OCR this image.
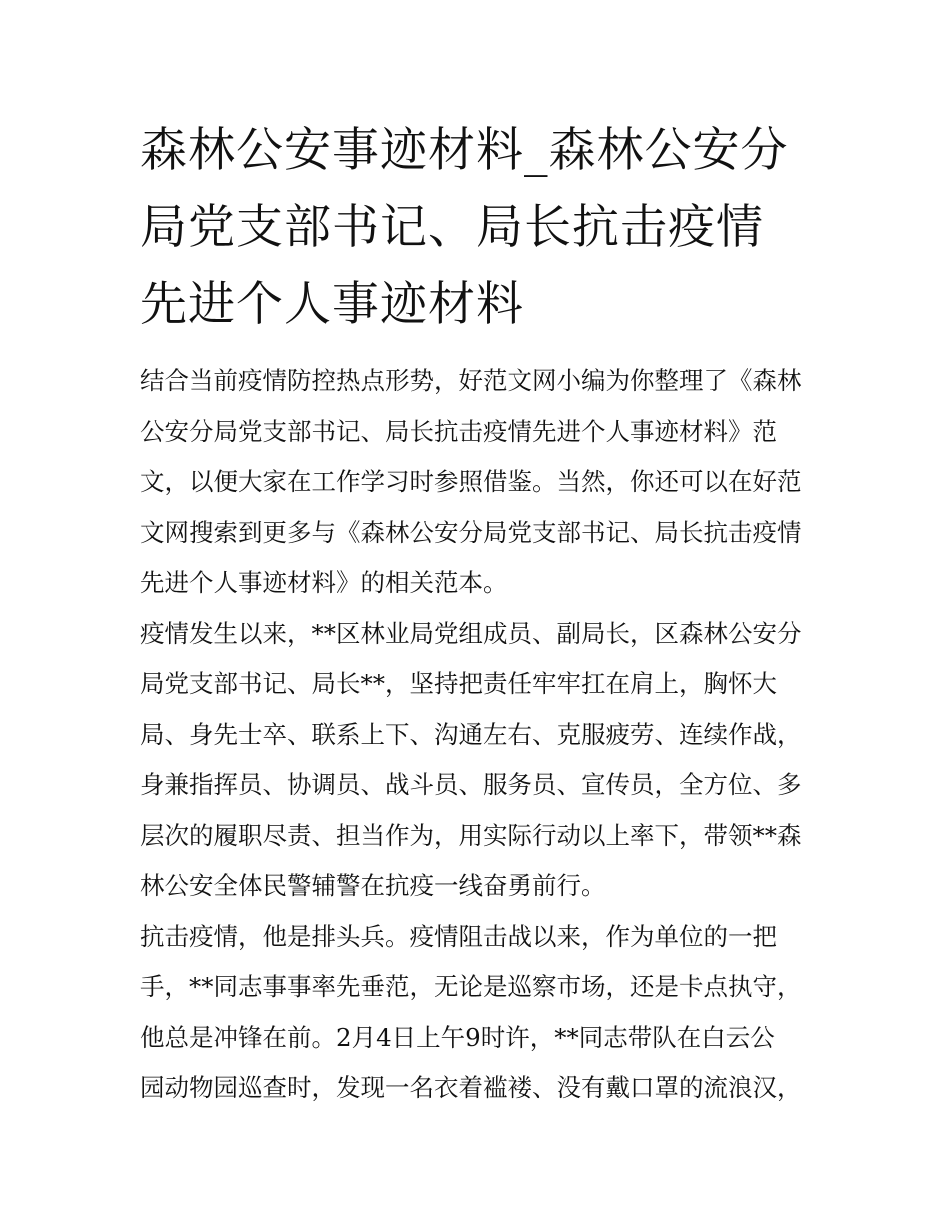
森林公安事迹材料_森林公安分
局党支部书记、局长抗击疫情
先进个人事迹材料

结合当前疫情防控热点形势，好范文网小编为你整理了《森林
公安分局党支部书记、局长抗击疫情先进个人事迹材料》范
文，以便大家在工作学习时参照借鉴。当然，你还可以在好范
文网搜索到更多与《森林公安分局党支部书记、局长抗击疫情
先进个人事迹材料》的相关范本。

疫情发生以来，**区林业局党组成员、副局长，区森林公安分
局党支部书记、局长**，坚持把责任牢牢扛在肩上，胸怀大
局、身先士卒、联系上下、沟通左右、克服疲劳、连续作战，
身兼指挥员、协调员、战斗员、服务员、宣传员，全方位、多
层次的履职尽责、担当作为，用实际行动以上率下，带领**森
林公安全体民警辅警在抗疫一线奋勇前行。

抗击疫情，他是排头兵。疫情阻击战以来，作为单位的一把
手，**同志事事率先垂范，无论是巡察市场，还是卡点执守，
他总是冲锋在前。2月4日上午9时许，**同志带队在白云公
园动物园巡查时，发现一名衣着褴褛、没有戴口罩的流浪汉，
